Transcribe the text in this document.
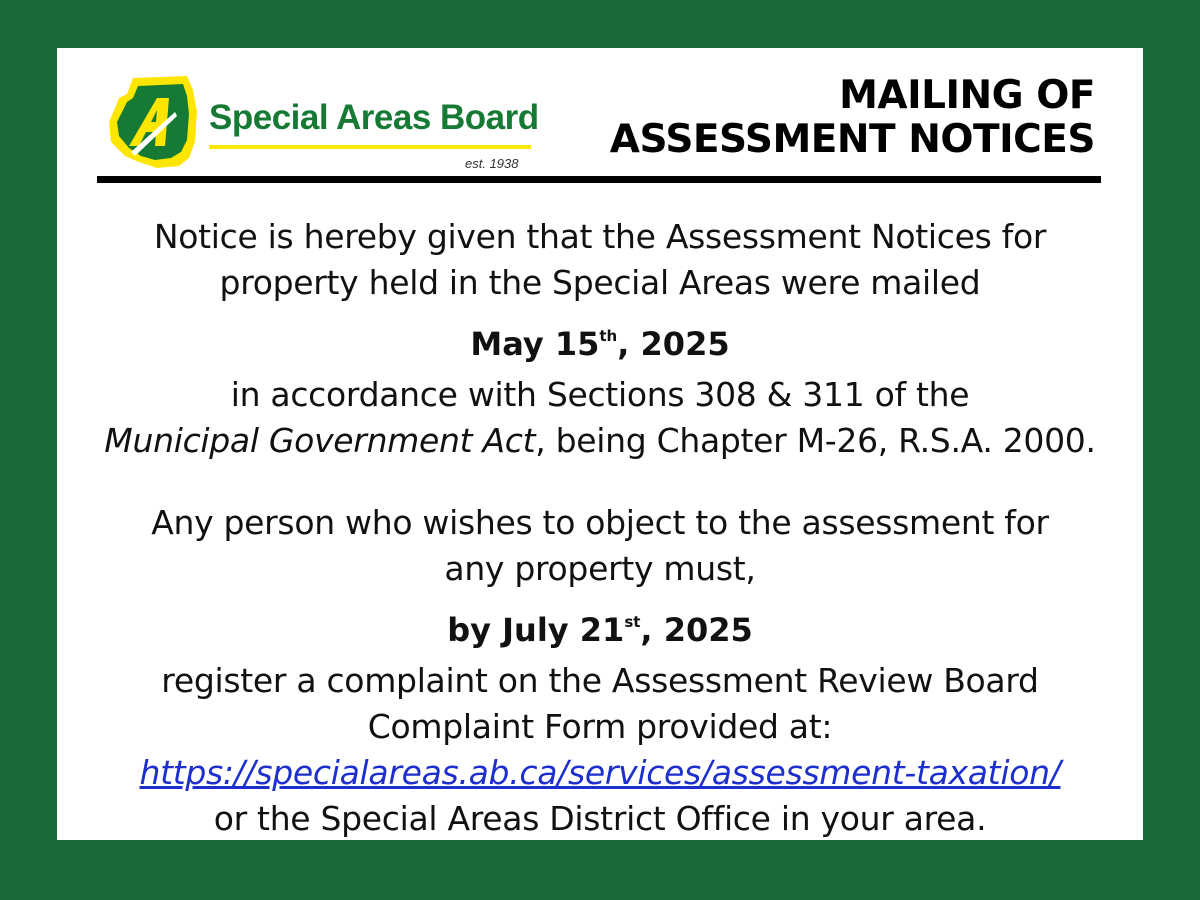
Special Areas Board
est. 1938
MAILING OF
ASSESSMENT NOTICES
Notice is hereby given that the Assessment Notices for
property held in the Special Areas were mailed
May 15th, 2025
in accordance with Sections 308 & 311 of the
Municipal Government Act, being Chapter M-26, R.S.A. 2000.
Any person who wishes to object to the assessment for
any property must,
by July 21st, 2025
register a complaint on the Assessment Review Board
Complaint Form provided at:
https://specialareas.ab.ca/services/assessment-taxation/
or the Special Areas District Office in your area.
